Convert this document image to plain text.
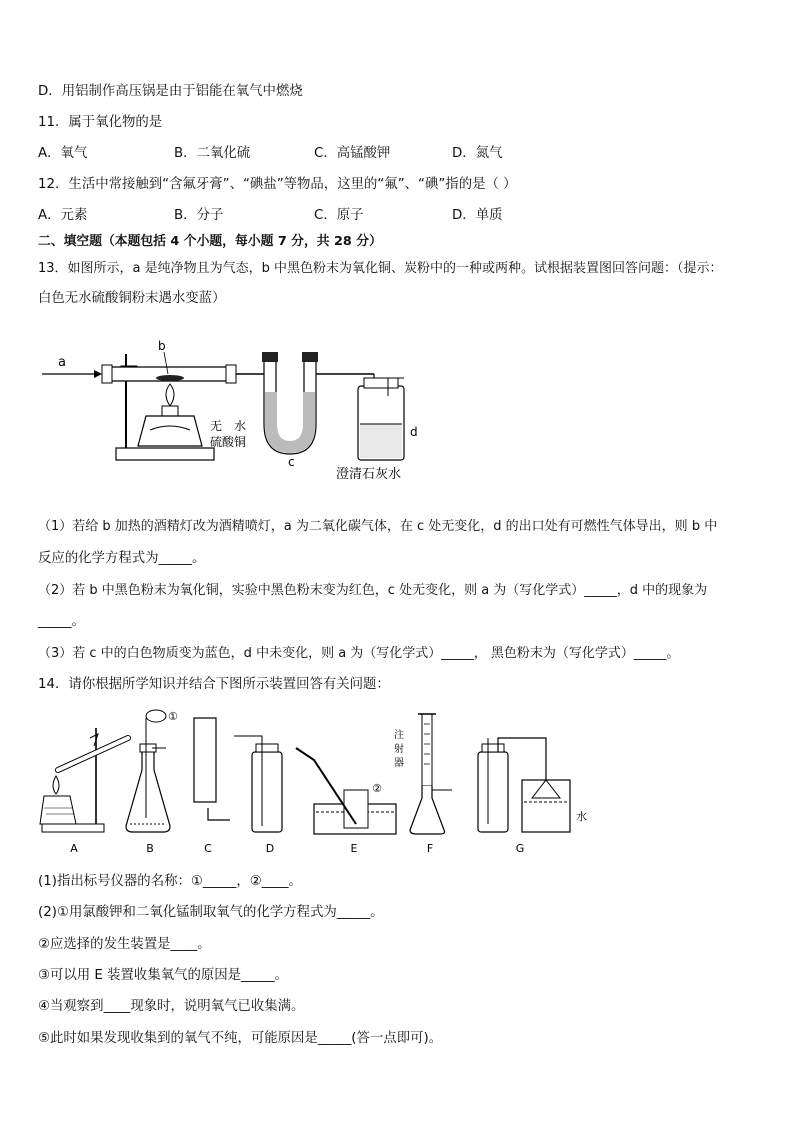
D．用铝制作高压锅是由于铝能在氧气中燃烧
11．属于氧化物的是
A．氧气	B．二氧化硫	C．高锰酸钾	D．氮气
12．生活中常接触到“含氟牙膏”、“碘盐”等物品，这里的“氟”、“碘”指的是（ ）
A．元素	B．分子	C．原子	D．单质
二、填空题（本题包括 4 个小题，每小题 7 分，共 28 分）
13．如图所示，a 是纯净物且为气态，b 中黑色粉末为氧化铜、炭粉中的一种或两种。试根据装置图回答问题：（提示：
白色无水硫酸铜粉末遇水变蓝）
a
b
无　水
硫酸铜
c
d
澄清石灰水
（1）若给 b 加热的酒精灯改为酒精喷灯，a 为二氧化碳气体，在 c 处无变化，d 的出口处有可燃性气体导出，则 b 中
反应的化学方程式为_____。
（2）若 b 中黑色粉末为氧化铜，实验中黑色粉末变为红色，c 处无变化，则 a 为（写化学式）_____，d 中的现象为
_____。
（3）若 c 中的白色物质变为蓝色，d 中未变化，则 a 为（写化学式）_____， 黑色粉末为（写化学式）_____。
14．请你根据所学知识并结合下图所示装置回答有关问题：
A
①
B	C	D
②
E
注
射
器
F
水
G
(1)指出标号仪器的名称：①_____，②____。
(2)①用氯酸钾和二氧化锰制取氧气的化学方程式为_____。
②应选择的发生装置是____。
③可以用 E 装置收集氧气的原因是_____。
④当观察到____现象时，说明氧气已收集满。
⑤此时如果发现收集到的氧气不纯，可能原因是_____(答一点即可)。
